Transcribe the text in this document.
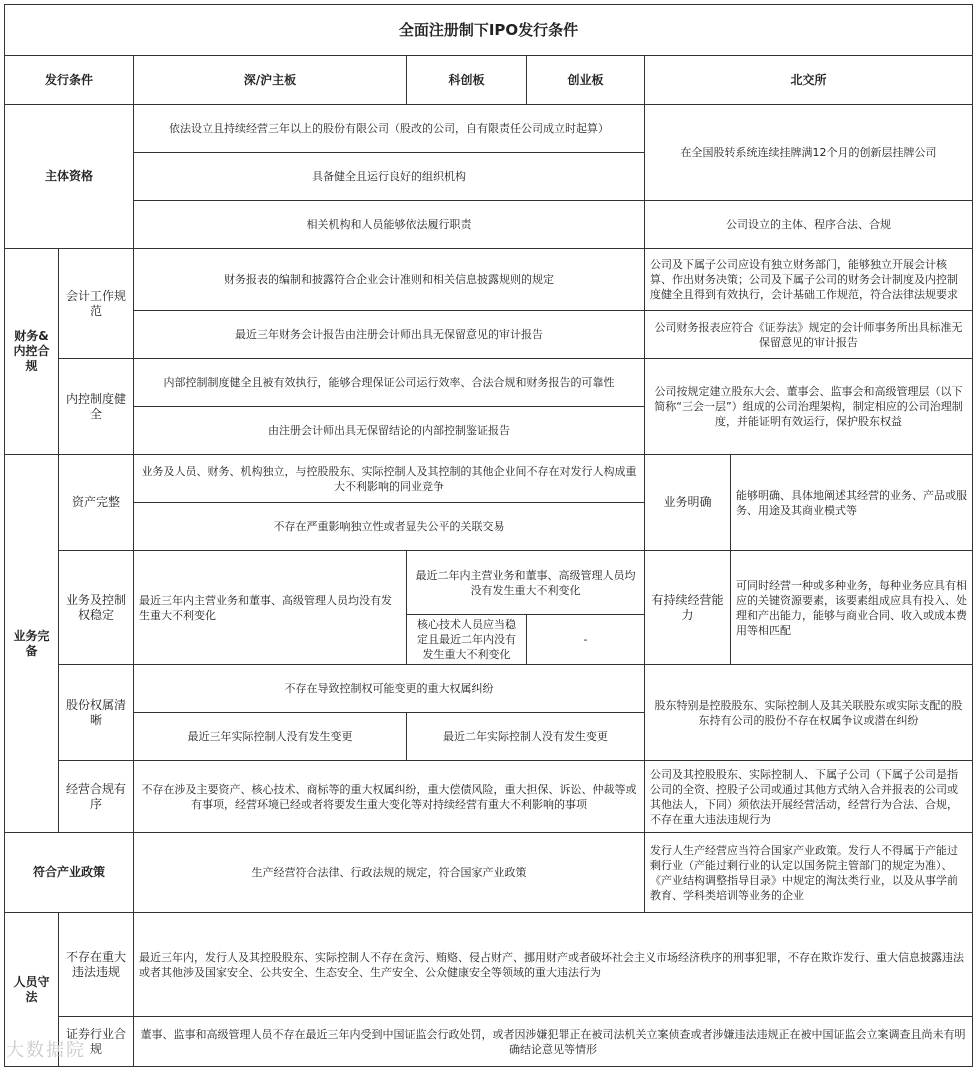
全面注册制下IPO发行条件						
发行条件		深/沪主板	科创板	创业板	北交所	
主体资格		依法设立且持续经营三年以上的股份有限公司（股改的公司，自有限责任公司成立时起算）			在全国股转系统连续挂牌满12个月的创新层挂牌公司	
		具备健全且运行良好的组织机构				
		相关机构和人员能够依法履行职责			公司设立的主体、程序合法、合规	
财务&内控合规	会计工作规范	财务报表的编制和披露符合企业会计准则和相关信息披露规则的规定			公司及下属子公司应设有独立财务部门，能够独立开展会计核算、作出财务决策；公司及下属子公司的财务会计制度及内控制度健全且得到有效执行，会计基础工作规范，符合法律法规要求	
		最近三年财务会计报告由注册会计师出具无保留意见的审计报告			公司财务报表应符合《证券法》规定的会计师事务所出具标准无保留意见的审计报告	
	内控制度健全	内部控制制度健全且被有效执行，能够合理保证公司运行效率、合法合规和财务报告的可靠性			公司按规定建立股东大会、董事会、监事会和高级管理层（以下简称“三会一层”）组成的公司治理架构，制定相应的公司治理制度，并能证明有效运行，保护股东权益	
		由注册会计师出具无保留结论的内部控制鉴证报告				
业务完备	资产完整	业务及人员、财务、机构独立，与控股股东、实际控制人及其控制的其他企业间不存在对发行人构成重大不利影响的同业竞争			业务明确	能够明确、具体地阐述其经营的业务、产品或服务、用途及其商业模式等
		不存在严重影响独立性或者显失公平的关联交易				
	业务及控制权稳定	最近三年内主营业务和董事、高级管理人员均没有发生重大不利变化	最近二年内主营业务和董事、高级管理人员均没有发生重大不利变化		有持续经营能力	可同时经营一种或多种业务，每种业务应具有相应的关键资源要素，该要素组成应具有投入、处理和产出能力，能够与商业合同、收入或成本费用等相匹配
			核心技术人员应当稳定且最近二年内没有发生重大不利变化	-		
	股份权属清晰	不存在导致控制权可能变更的重大权属纠纷			股东特别是控股股东、实际控制人及其关联股东或实际支配的股东持有公司的股份不存在权属争议或潜在纠纷	
		最近三年实际控制人没有发生变更	最近二年实际控制人没有发生变更			
	经营合规有序	不存在涉及主要资产、核心技术、商标等的重大权属纠纷，重大偿债风险，重大担保、诉讼、仲裁等或有事项，经营环境已经或者将要发生重大变化等对持续经营有重大不利影响的事项			公司及其控股股东、实际控制人、下属子公司（下属子公司是指公司的全资、控股子公司或通过其他方式纳入合并报表的公司或其他法人，下同）须依法开展经营活动，经营行为合法、合规，不存在重大违法违规行为	

符合产业政策		生产经营符合法律、行政法规的规定，符合国家产业政策			发行人生产经营应当符合国家产业政策。发行人不得属于产能过剩行业（产能过剩行业的认定以国务院主管部门的规定为准）、《产业结构调整指导目录》中规定的淘汰类行业，以及从事学前教育、学科类培训等业务的企业	
人员守法	不存在重大违法违规	最近三年内，发行人及其控股股东、实际控制人不存在贪污、贿赂、侵占财产、挪用财产或者破坏社会主义市场经济秩序的刑事犯罪，不存在欺诈发行、重大信息披露违法或者其他涉及国家安全、公共安全、生态安全、生产安全、公众健康安全等领域的重大违法行为				
	证券行业合规	董事、监事和高级管理人员不存在最近三年内受到中国证监会行政处罚，或者因涉嫌犯罪正在被司法机关立案侦查或者涉嫌违法违规正在被中国证监会立案调查且尚未有明确结论意见等情形				
大数据院
